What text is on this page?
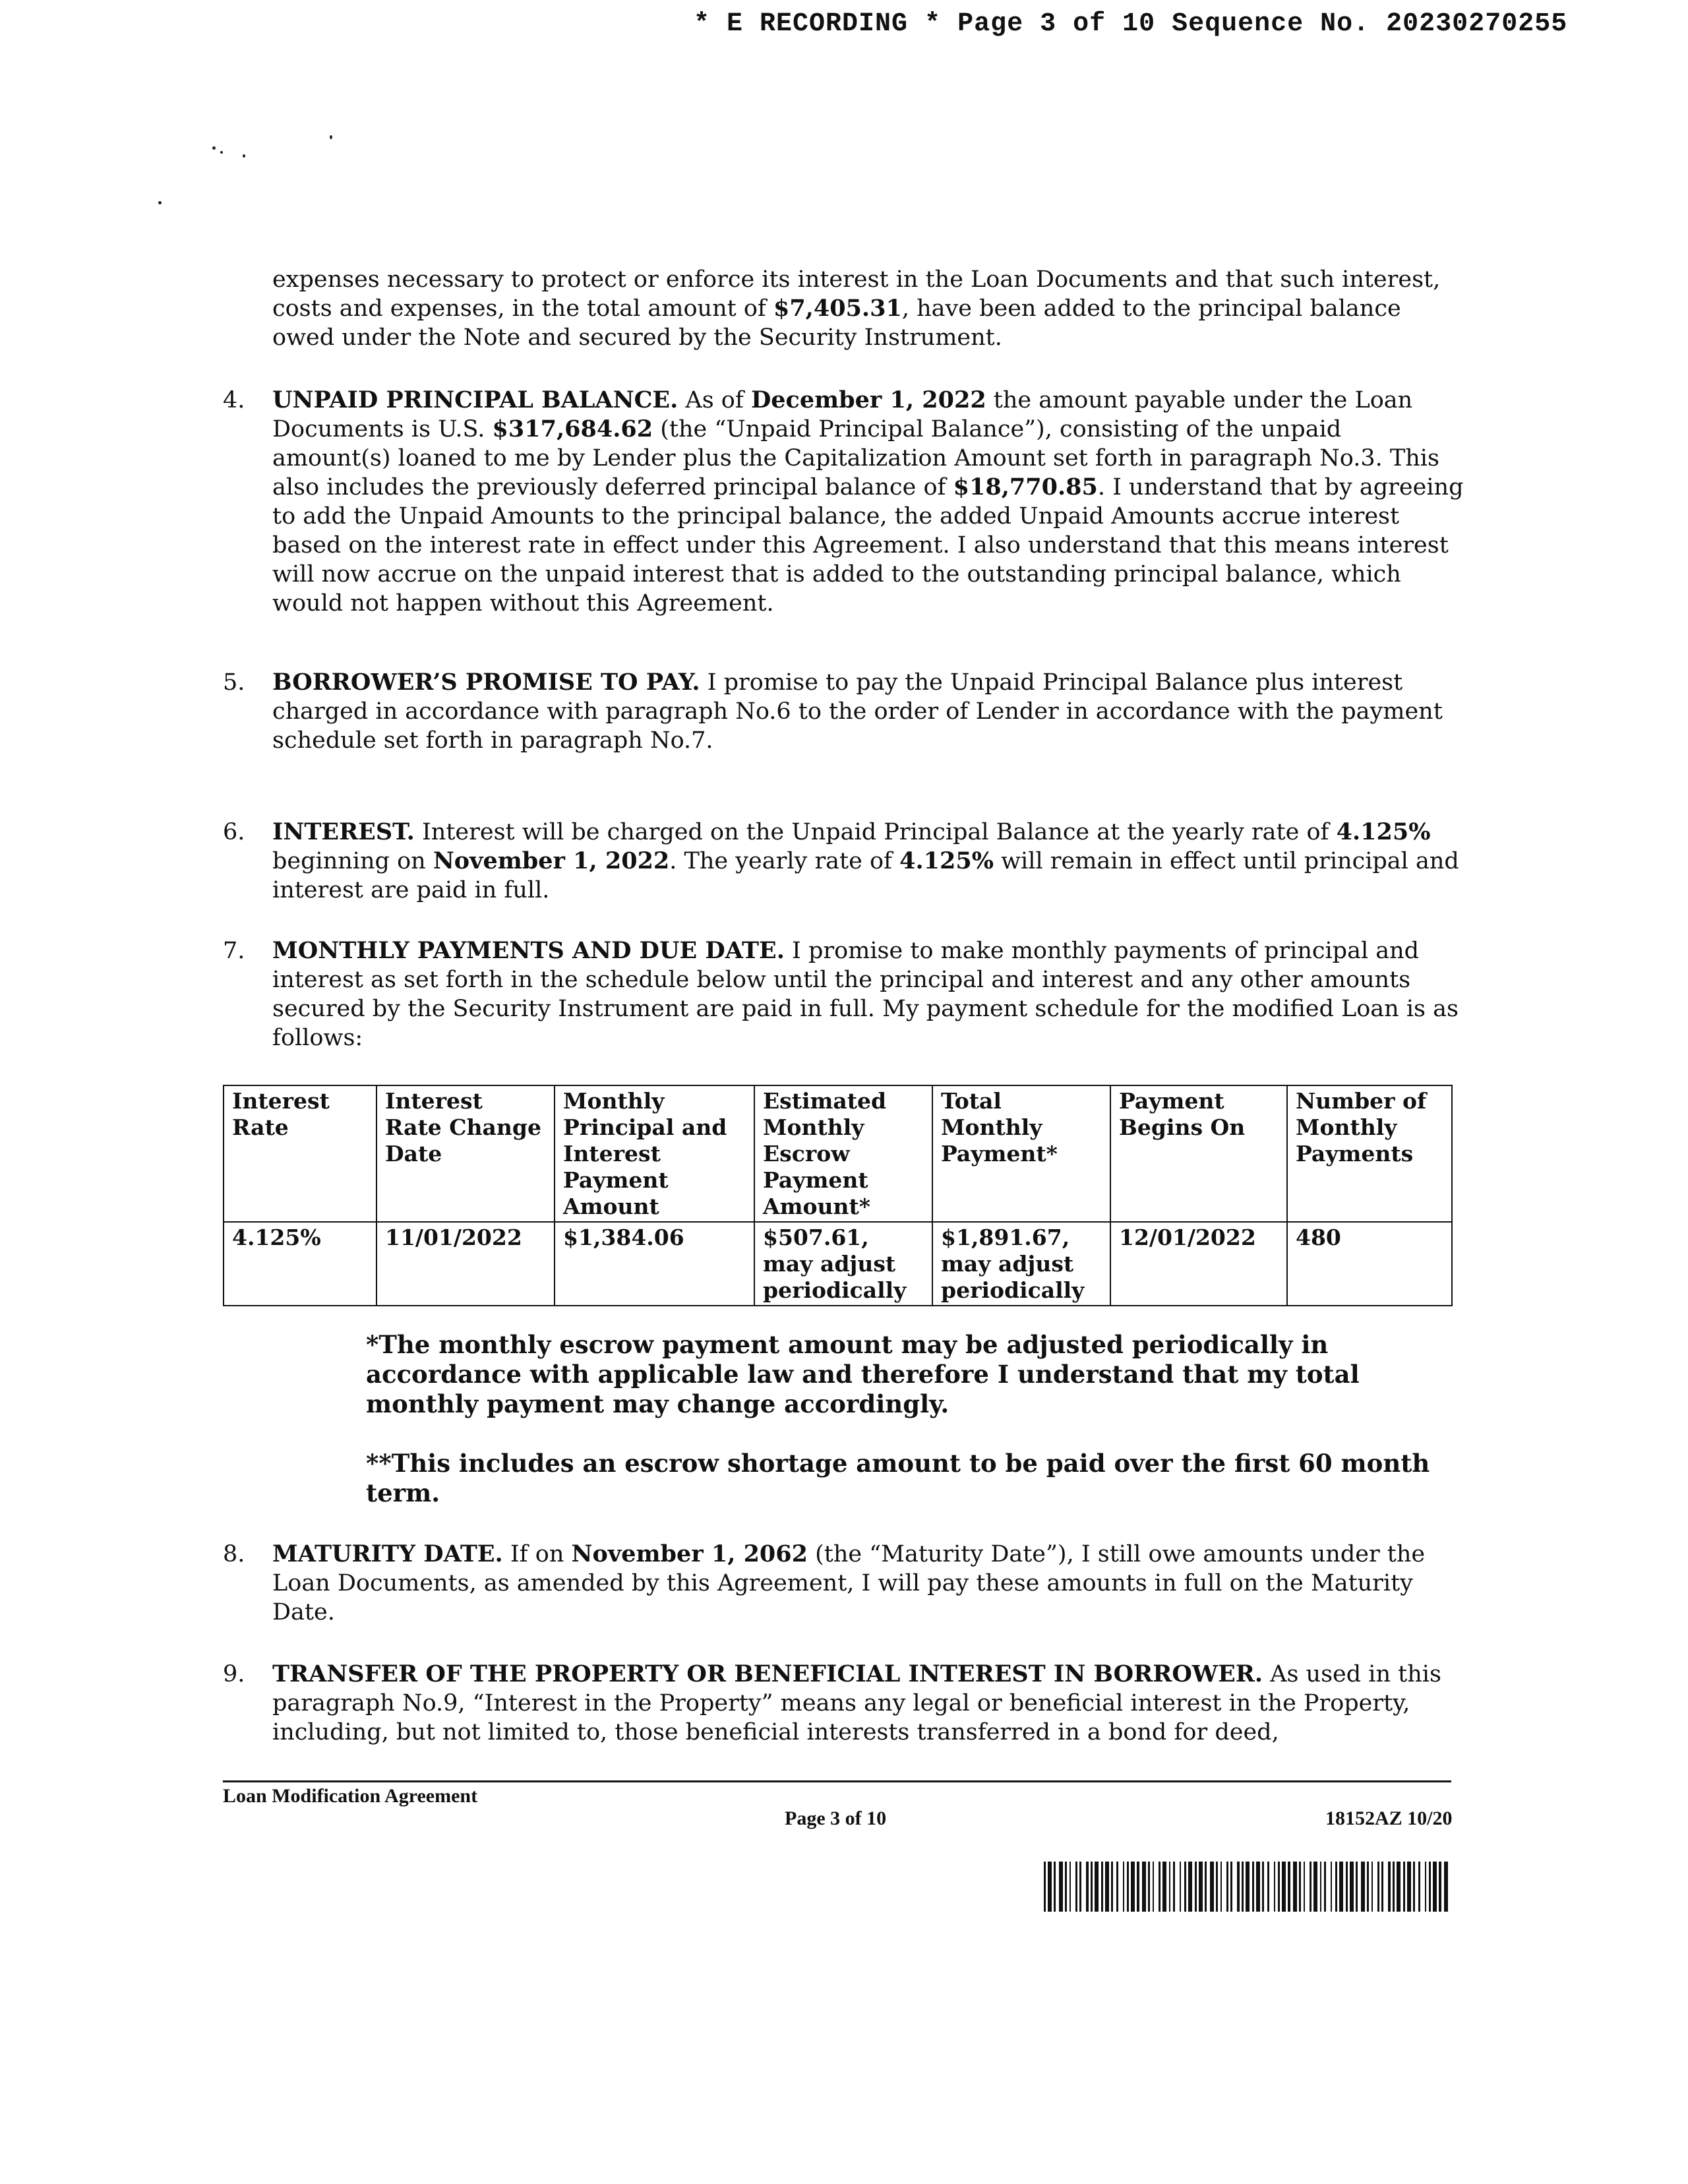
* E RECORDING * Page 3 of 10 Sequence No. 20230270255

expenses necessary to protect or enforce its interest in the Loan Documents and that such interest, costs and expenses, in the total amount of $7,405.31, have been added to the principal balance owed under the Note and secured by the Security Instrument.

4. UNPAID PRINCIPAL BALANCE. As of December 1, 2022 the amount payable under the Loan Documents is U.S. $317,684.62 (the “Unpaid Principal Balance”), consisting of the unpaid amount(s) loaned to me by Lender plus the Capitalization Amount set forth in paragraph No.3. This also includes the previously deferred principal balance of $18,770.85. I understand that by agreeing to add the Unpaid Amounts to the principal balance, the added Unpaid Amounts accrue interest based on the interest rate in effect under this Agreement. I also understand that this means interest will now accrue on the unpaid interest that is added to the outstanding principal balance, which would not happen without this Agreement.

5. BORROWER’S PROMISE TO PAY. I promise to pay the Unpaid Principal Balance plus interest charged in accordance with paragraph No.6 to the order of Lender in accordance with the payment schedule set forth in paragraph No.7.

6. INTEREST. Interest will be charged on the Unpaid Principal Balance at the yearly rate of 4.125% beginning on November 1, 2022. The yearly rate of 4.125% will remain in effect until principal and interest are paid in full.

7. MONTHLY PAYMENTS AND DUE DATE. I promise to make monthly payments of principal and interest as set forth in the schedule below until the principal and interest and any other amounts secured by the Security Instrument are paid in full. My payment schedule for the modified Loan is as follows:

Interest Rate	Interest Rate Change Date	Monthly Principal and Interest Payment Amount	Estimated Monthly Escrow Payment Amount*	Total Monthly Payment*	Payment Begins On	Number of Monthly Payments
4.125%	11/01/2022	$1,384.06	$507.61, may adjust periodically	$1,891.67, may adjust periodically	12/01/2022	480

*The monthly escrow payment amount may be adjusted periodically in accordance with applicable law and therefore I understand that my total monthly payment may change accordingly.

**This includes an escrow shortage amount to be paid over the first 60 month term.

8. MATURITY DATE. If on November 1, 2062 (the “Maturity Date”), I still owe amounts under the Loan Documents, as amended by this Agreement, I will pay these amounts in full on the Maturity Date.

9. TRANSFER OF THE PROPERTY OR BENEFICIAL INTEREST IN BORROWER. As used in this paragraph No.9, “Interest in the Property” means any legal or beneficial interest in the Property, including, but not limited to, those beneficial interests transferred in a bond for deed,

Loan Modification Agreement
Page 3 of 10	18152AZ 10/20
